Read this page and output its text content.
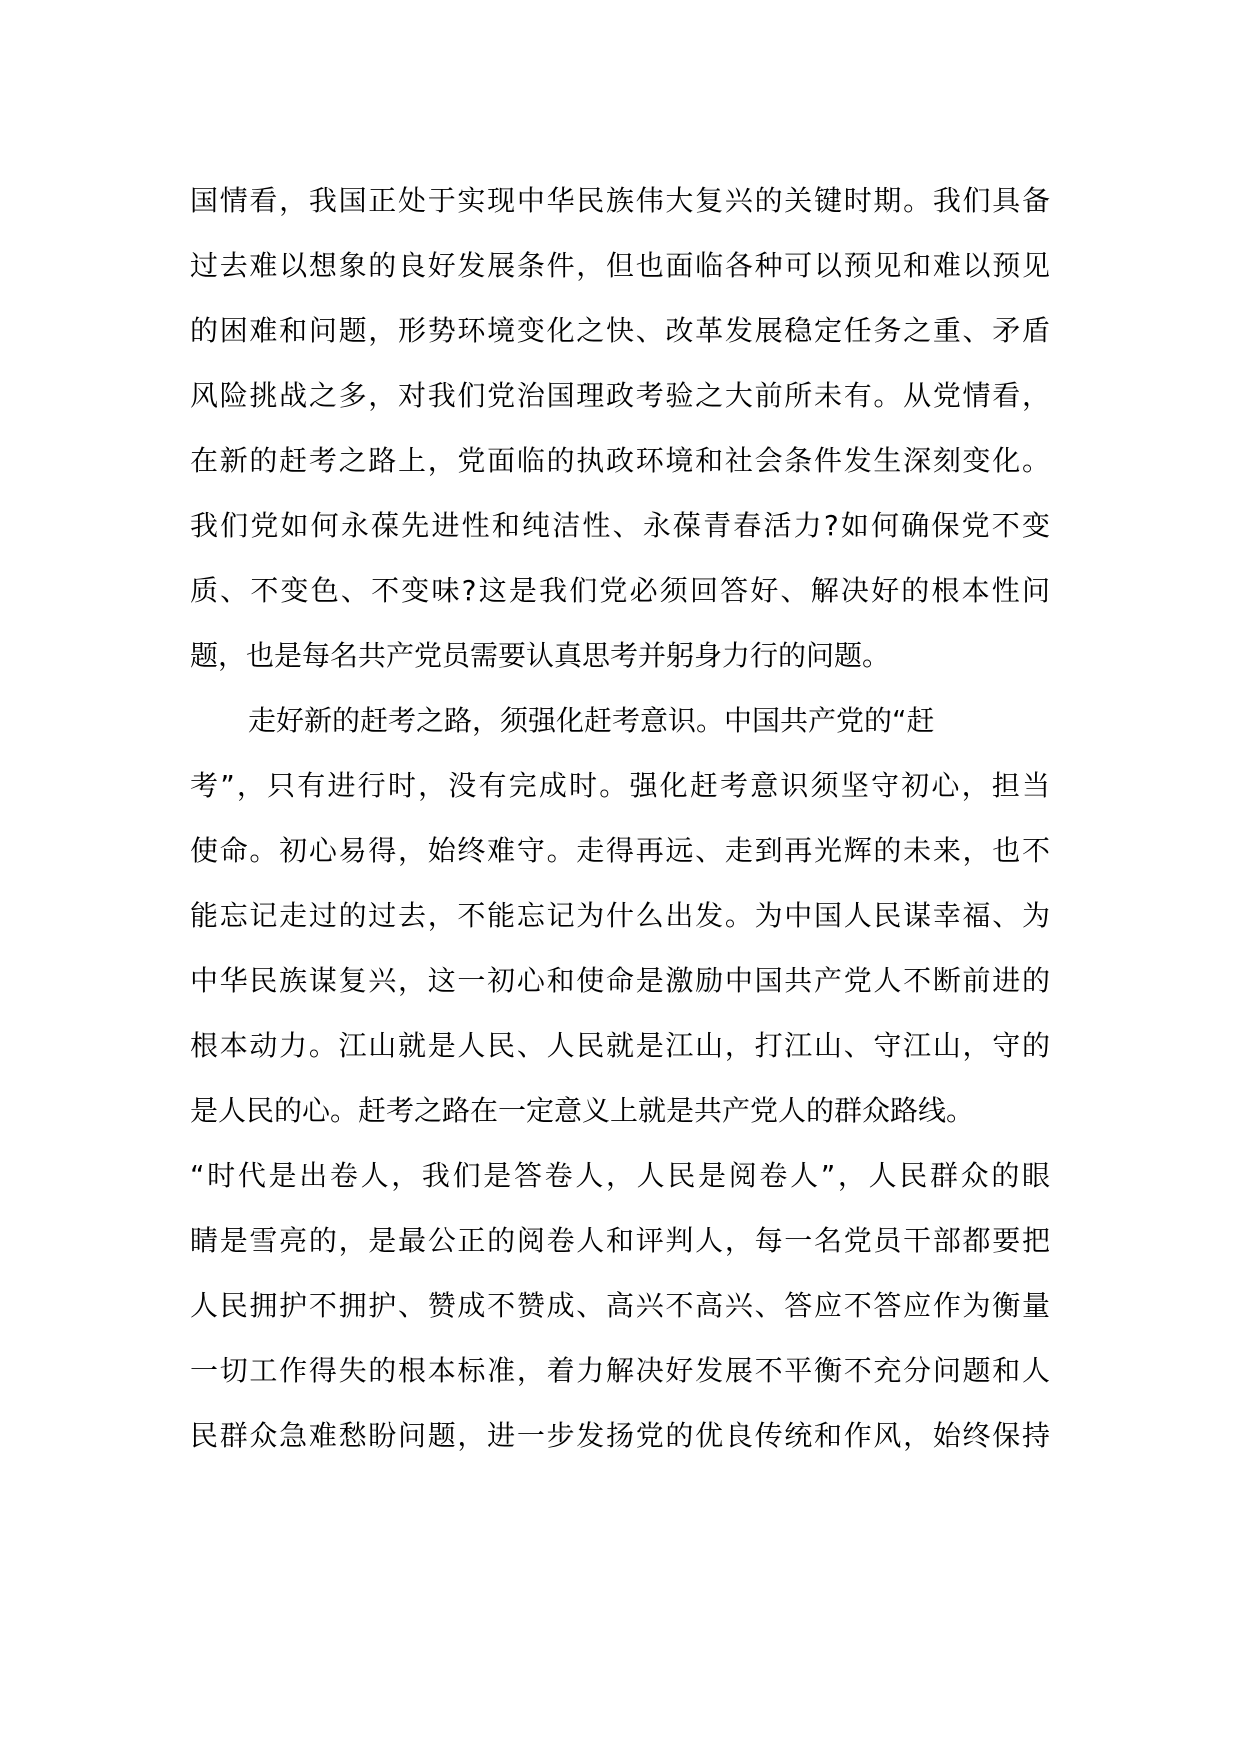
国情看，我国正处于实现中华民族伟大复兴的关键时期。我们具备
过去难以想象的良好发展条件，但也面临各种可以预见和难以预见
的困难和问题，形势环境变化之快、改革发展稳定任务之重、矛盾
风险挑战之多，对我们党治国理政考验之大前所未有。从党情看，
在新的赶考之路上，党面临的执政环境和社会条件发生深刻变化。
我们党如何永葆先进性和纯洁性、永葆青春活力?如何确保党不变
质、不变色、不变味?这是我们党必须回答好、解决好的根本性问
题，也是每名共产党员需要认真思考并躬身力行的问题。
走好新的赶考之路，须强化赶考意识。中国共产党的“赶
考”，只有进行时，没有完成时。强化赶考意识须坚守初心，担当
使命。初心易得，始终难守。走得再远、走到再光辉的未来，也不
能忘记走过的过去，不能忘记为什么出发。为中国人民谋幸福、为
中华民族谋复兴，这一初心和使命是激励中国共产党人不断前进的
根本动力。江山就是人民、人民就是江山，打江山、守江山，守的
是人民的心。赶考之路在一定意义上就是共产党人的群众路线。
“时代是出卷人，我们是答卷人，人民是阅卷人”，人民群众的眼
睛是雪亮的，是最公正的阅卷人和评判人，每一名党员干部都要把
人民拥护不拥护、赞成不赞成、高兴不高兴、答应不答应作为衡量
一切工作得失的根本标准，着力解决好发展不平衡不充分问题和人
民群众急难愁盼问题，进一步发扬党的优良传统和作风，始终保持
